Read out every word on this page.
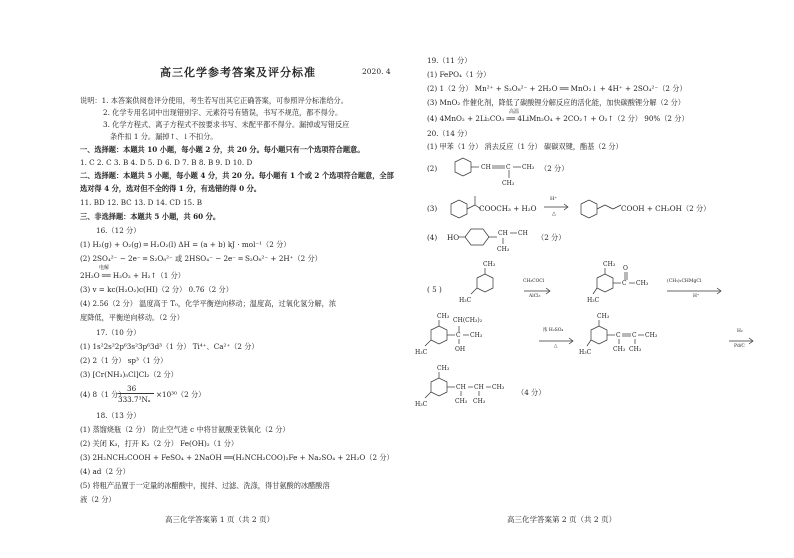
高三化学参考答案及评分标准	2020. 4
说明：1. 本答案供阅卷评分使用，考生若写出其它正确答案，可参照评分标准给分。
2. 化学专用名词中出现错别字、元素符号有错误，书写不规范，都不得分。
3. 化学方程式、离子方程式不按要求书写、未配平都不得分。漏掉或写错反应
条件扣 1 分。漏掉↑、↓不扣分。
一、选择题：本题共 10 小题，每小题 2 分，共 20 分。每小题只有一个选项符合题意。
1. C 2. C 3. B 4. D 5. D 6. D 7. B 8. B 9. D 10. D
二、选择题：本题共 5 小题，每小题 4 分，共 20 分。每小题有 1 个或 2 个选项符合题意，全部
选对得 4 分，选对但不全的得 1 分，有选错的得 0 分。
11. BD 12. BC 13. D 14. CD 15. B
三、非选择题：本题共 5 小题，共 60 分。
16.（12 分）
(1) H₂(g) + O₂(g) ═ H₂O₂(l) ΔH = (a + b) kJ · mol⁻¹（2 分）
(2) 2SO₄²⁻ − 2e⁻ ═ S₂O₈²⁻ 或 2HSO₄⁻ − 2e⁻ ═ S₂O₈²⁻ + 2H⁺（2 分）
2H₂O ══ H₂O₂ + H₂↑（1 分）
电解
(3) v = kc(H₂O₂)c(HI)（2 分） 0.76（2 分）
(4) 2.56（2 分） 温度高于 T₀，化学平衡逆向移动；温度高，过氧化氢分解，浓
度降低，平衡逆向移动。（2 分）
17.（10 分）
(1) 1s²2s²2p⁶3s²3p⁶3d³（1 分） Ti⁴⁺、Ca²⁺（2 分）
(2) 2（1 分） sp³（1 分）
(3) [Cr(NH₃)₅Cl]Cl₂（2 分）
(4) 8（1 分）
36
333.7³Nₐ
×10³⁰（2 分）
18.（13 分）
(1) 蒸馏烧瓶（2 分） 防止空气进 c 中将甘氨酸亚铁氧化（2 分）
(2) 关闭 K₃，打开 K₂（2 分） Fe(OH)₂（1 分）
(3) 2H₂NCH₂COOH + FeSO₄ + 2NaOH ══(H₂NCH₂COO)₂Fe + Na₂SO₄ + 2H₂O（2 分）
(4) ad（2 分）
(5) 将粗产品置于一定量的冰醋酸中，搅拌、过滤、洗涤，得甘氨酸的冰醋酸溶
液（2 分）
高三化学答案第 1 页（共 2 页）
19.（11 分）
(1) FePO₄（1 分）
(2) 1（2 分） Mn²⁺ + S₂O₈²⁻ + 2H₂O ══ MnO₂↓ + 4H⁺ + 2SO₄²⁻（2 分）
(3) MnO₂ 作催化剂，降低了碳酸锂分解反应的活化能，加快碳酸锂分解（2 分）
(4) 4MnO₂ + 2Li₂CO₃ ══ 4LiMn₂O₄ + 2CO₂↑ + O₂↑（2 分） 90%（2 分）
高温
20.（14 分）
(1) 甲苯（1 分） 消去反应（1 分） 碳碳双键，酯基（2 分）
(2)	CH	C CH₃
CH₃
（2 分）
(3)	COOCH₃ + H₂O →
H⁺
△
COOH + CH₃OH（2 分）
(4) HO	CH CH
CH₃
（2 分）
( 5 )
CH₃
H₃C
CH₃COCl
AlCl₃
CH₃
C
O
CH₃
H₃C
(CH₃)₂CHMgCl
H⁺
CH₃
C
CH(CH₃)₂
OH
CH₃
H₃C
浓 H₂SO₄
△
CH₃
C C CH₃
CH₃ CH₃
H₃C
H₂
Pd/C
CH₃
CH CH CH₃
CH₃ CH₃
H₃C
（4 分）
高三化学答案第 2 页（共 2 页）
